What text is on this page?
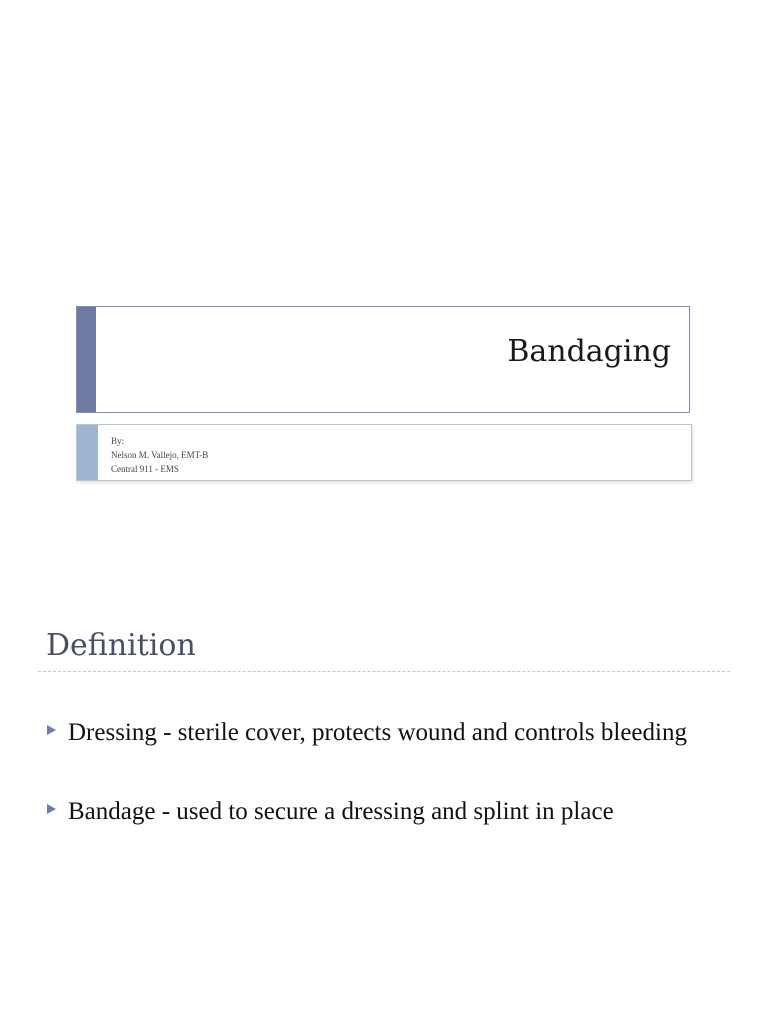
Bandaging
By:
Nelson M. Vallejo, EMT-B
Central 911 - EMS
Definition
Dressing - sterile cover, protects wound and controls bleeding
Bandage - used to secure a dressing and splint in place
